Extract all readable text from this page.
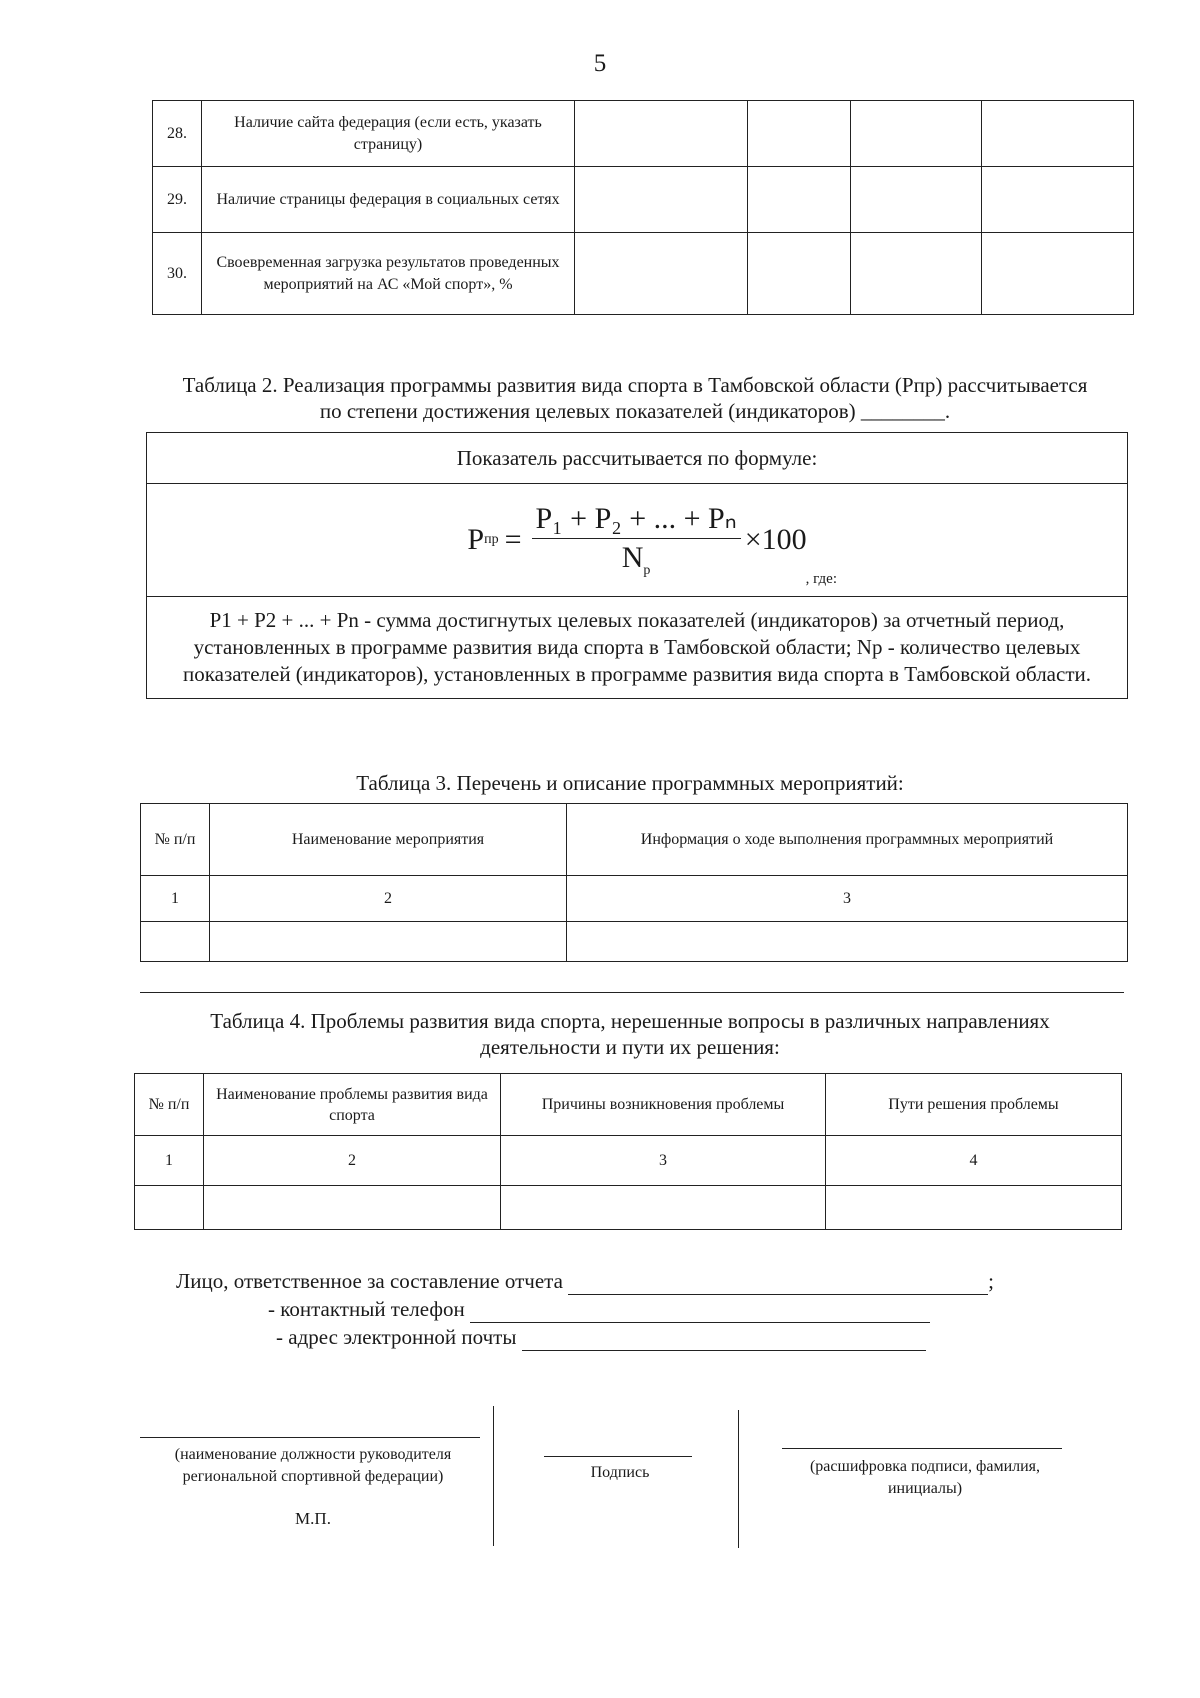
5
28.	Наличие сайта федерация (если есть, указать страницу)				
29.	Наличие страницы федерация в социальных сетях				
30.	Своевременная загрузка результатов проведенных мероприятий на АС «Мой спорт», %				
Таблица 2. Реализация программы развития вида спорта в Тамбовской области (Рпр) рассчитывается по степени достижения целевых показателей (индикаторов) ________.
Показатель рассчитывается по формуле:

Р пр = $\frac{\text{Р₁ + Р₂ + ... + Рₙ}}{N_р} \times 100$
, где:

Р1 + Р2 + ... + Рn - сумма достигнутых целевых показателей (индикаторов) за отчетный период, установленных в программе развития вида спорта в Тамбовской области; Nр - количество целевых показателей (индикаторов), установленных в программе развития вида спорта в Тамбовской области.
Таблица 3. Перечень и описание программных мероприятий:
№ п/п	Наименование мероприятия	Информация о ходе выполнения программных мероприятий
1	2	3

Таблица 4. Проблемы развития вида спорта, нерешенные вопросы в различных направлениях деятельности и пути их решения:
№ п/п	Наименование проблемы развития вида спорта	Причины возникновения проблемы	Пути решения проблемы
1	2	3	4

Лицо, ответственное за составление отчета	;
- контактный телефон
- адрес электронной почты
(наименование должности руководителя региональной спортивной федерации)
М.П.
Подпись	(расшифровка подписи, фамилия, инициалы)
